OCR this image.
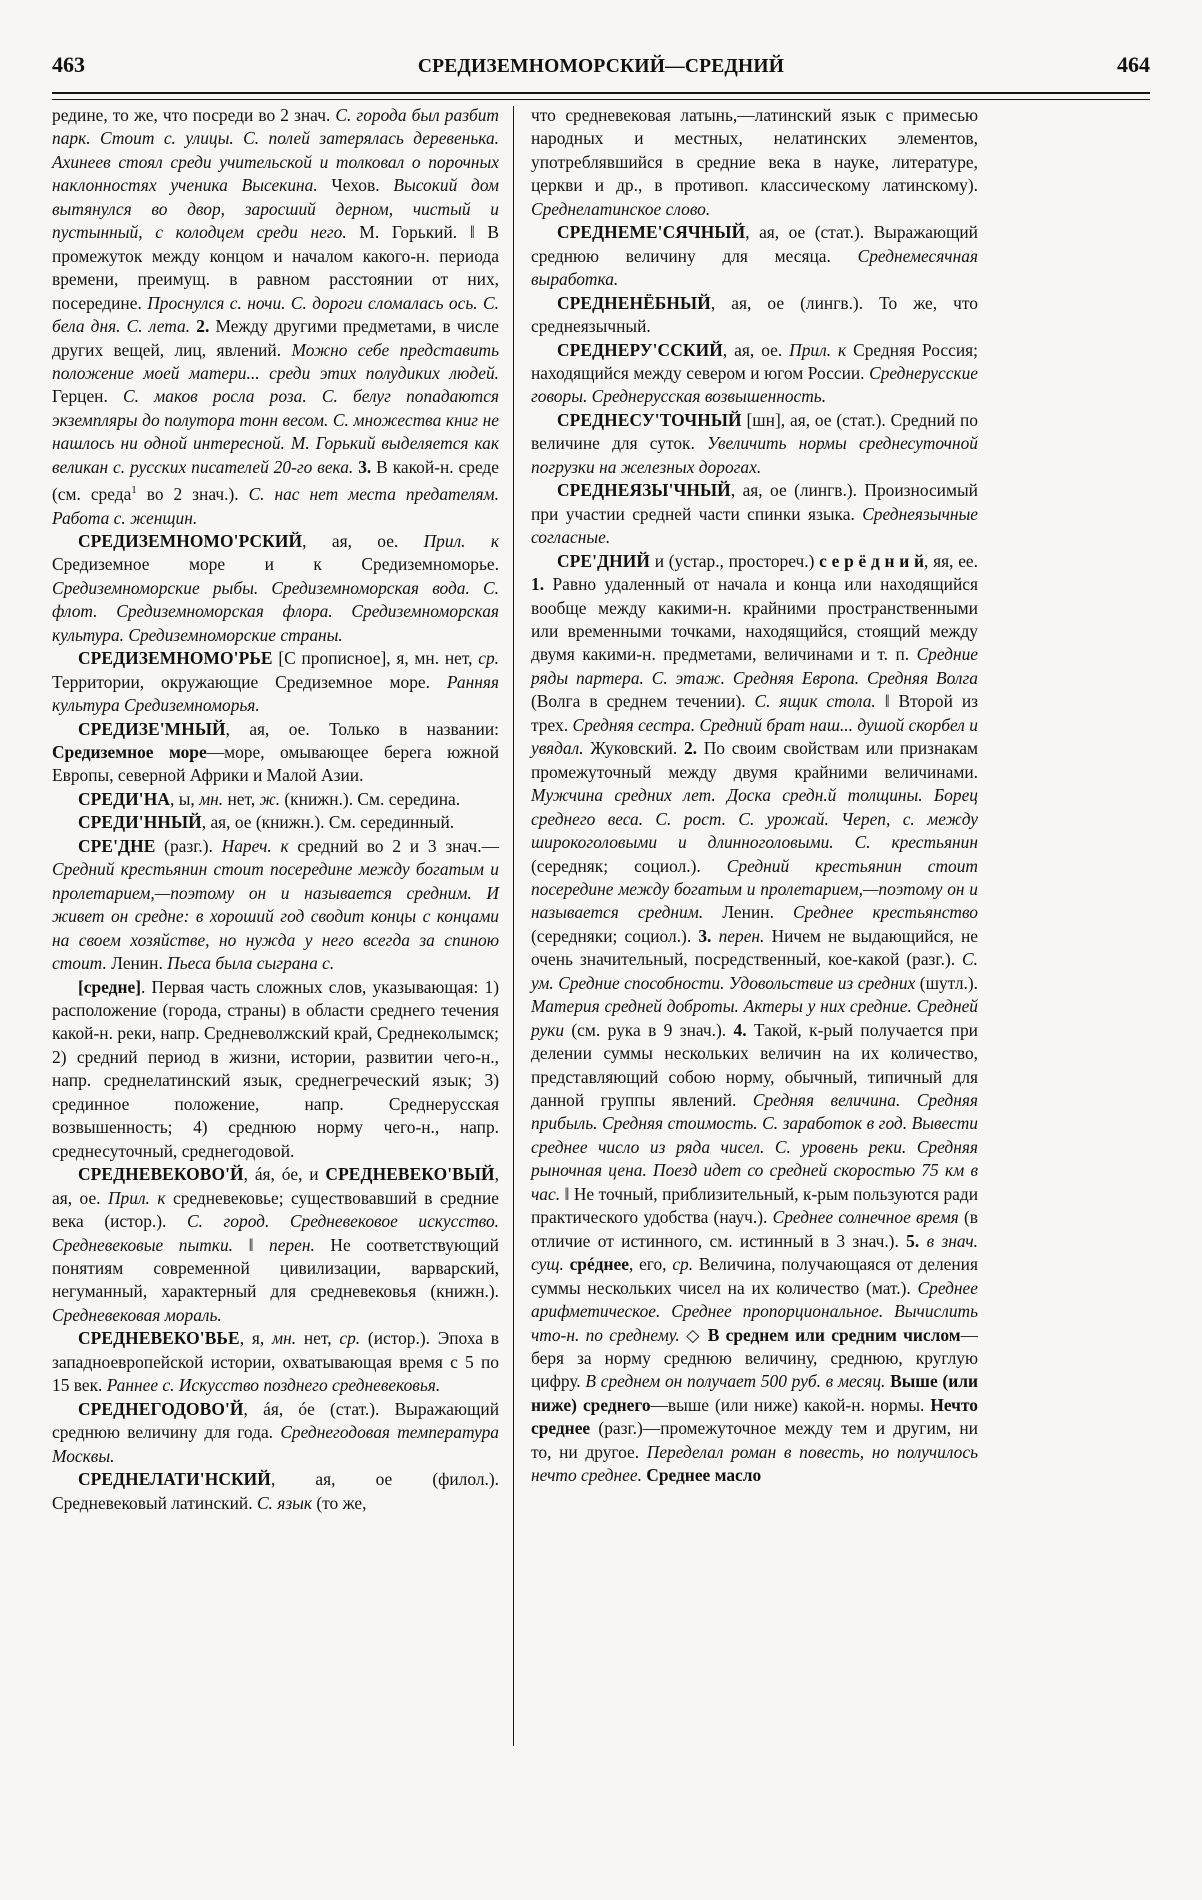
463	СРЕДИЗЕМНОМОРСКИЙ—СРЕДНИЙ	464

редине, то же, что посреди во 2 знач. С. города был разбит парк. Стоит с. улицы. С. полей затерялась деревенька. Ахинеев стоял среди учительской и толковал о порочных наклонностях ученика Высекина. Чехов. Высокий дом вытянулся во двор, заросший дерном, чистый и пустынный, с колодцем среди него. М. Горький. ǁ В промежуток между концом и началом какого-н. периода времени, преимущ. в равном расстоянии от них, посередине. Проснулся с. ночи. С. дороги сломалась ось. С. бела дня. С. лета. 2. Между другими предметами, в числе других вещей, лиц, явлений. Можно себе представить положение моей матери... среди этих полудиких людей. Герцен. С. маков росла роза. С. белуг попадаются экземпляры до полутора тонн весом. С. множества книг не нашлось ни одной интересной. М. Горький выделяется как великан с. русских писателей 20-го века. 3. В какой-н. среде (см. среда$^1$ во 2 знач.). С. нас нет места предателям. Работа с. женщин.

СРЕДИЗЕМНОМО'РСКИЙ, ая, ое. Прил. к Средиземное море и к Средиземноморье. Средиземноморские рыбы. Средиземноморская вода. С. флот. Средиземноморская флора. Средиземноморская культура. Средиземноморские страны.

СРЕДИЗЕМНОМО'РЬЕ [С прописное], я, мн. нет, ср. Территории, окружающие Средиземное море. Ранняя культура Средиземноморья.

СРЕДИЗЕ'МНЫЙ, ая, ое. Только в названии: Средиземное море—море, омывающее берега южной Европы, северной Африки и Малой Азии.

СРЕДИ'НА, ы, мн. нет, ж. (книжн.). См. середина.

СРЕДИ'ННЫЙ, ая, ое (книжн.). См. серединный.

СРЕ'ДНЕ (разг.). Нареч. к средний во 2 и 3 знач.—Средний крестьянин стоит посередине между богатым и пролетарием,—поэтому он и называется средним. И живет он средне: в хороший год сводит концы с концами на своем хозяйстве, но нужда у него всегда за спиною стоит. Ленин. Пьеса была сыграна с.

[средне]. Первая часть сложных слов, указывающая: 1) расположение (города, страны) в области среднего течения какой-н. реки, напр. Средневолжский край, Среднеколымск; 2) средний период в жизни, истории, развитии чего-н., напр. среднелатинский язык, среднегреческий язык; 3) срединное положение, напр. Среднерусская возвышенность; 4) среднюю норму чего-н., напр. среднесуточный, среднегодовой.

СРЕДНЕВЕКОВО'Й, áя, óе, и СРЕДНЕВЕКО'ВЫЙ, ая, ое. Прил. к средневековье; существовавший в средние века (истор.). С. город. Средневековое искусство. Средневековые пытки. ǁ перен. Не соответствующий понятиям современной цивилизации, варварский, негуманный, характерный для средневековья (книжн.). Средневековая мораль.

СРЕДНЕВЕКО'ВЬЕ, я, мн. нет, ср. (истор.). Эпоха в западноевропейской истории, охватывающая время с 5 по 15 век. Раннее с. Искусство позднего средневековья.

СРЕДНЕГОДОВО'Й, áя, óе (стат.). Выражающий среднюю величину для года. Среднегодовая температура Москвы.

СРЕДНЕЛАТИ'НСКИЙ, ая, ое (филол.). Средневековый латинский. С. язык (то же,

что средневековая латынь,—латинский язык с примесью народных и местных, нелатинских элементов, употреблявшийся в средние века в науке, литературе, церкви и др., в противоп. классическому латинскому). Среднелатинское слово.

СРЕДНЕМЕ'СЯЧНЫЙ, ая, ое (стат.). Выражающий среднюю величину для месяца. Среднемесячная выработка.

СРЕДНЕНЁБНЫЙ, ая, ое (лингв.). То же, что среднеязычный.

СРЕДНЕРУ'ССКИЙ, ая, ое. Прил. к Средняя Россия; находящийся между севером и югом России. Среднерусские говоры. Среднерусская возвышенность.

СРЕДНЕСУ'ТОЧНЫЙ [шн], ая, ое (стат.). Средний по величине для суток. Увеличить нормы среднесуточной погрузки на железных дорогах.

СРЕДНЕЯЗЫ'ЧНЫЙ, ая, ое (лингв.). Произносимый при участии средней части спинки языка. Среднеязычные согласные.

СРЕ'ДНИЙ и (устар., простореч.) с е р ё д н и й, яя, ее. 1. Равно удаленный от начала и конца или находящийся вообще между какими-н. крайними пространственными или временными точками, находящийся, стоящий между двумя какими-н. предметами, величинами и т. п. Средние ряды партера. С. этаж. Средняя Европа. Средняя Волга (Волга в среднем течении). С. ящик стола. ǁ Второй из трех. Средняя сестра. Средний брат наш... душой скорбел и увядал. Жуковский. 2. По своим свойствам или признакам промежуточный между двумя крайними величинами. Мужчина средних лет. Доска средн.й толщины. Борец среднего веса. С. рост. С. урожай. Череп, с. между широкоголовыми и длинноголовыми. С. крестьянин (середняк; социол.). Средний крестьянин стоит посередине между богатым и пролетарием,—поэтому он и называется средним. Ленин. Среднее крестьянство (середняки; социол.). 3. перен. Ничем не выдающийся, не очень значительный, посредственный, кое-какой (разг.). С. ум. Средние способности. Удовольствие из средних (шутл.). Материя средней доброты. Актеры у них средние. Средней руки (см. рука в 9 знач.). 4. Такой, к-рый получается при делении суммы нескольких величин на их количество, представляющий собою норму, обычный, типичный для данной группы явлений. Средняя величина. Средняя прибыль. Средняя стоимость. С. заработок в год. Вывести среднее число из ряда чисел. С. уровень реки. Средняя рыночная цена. Поезд идет со средней скоростью 75 км в час. ǁ Не точный, приблизительный, к-рым пользуются ради практического удобства (науч.). Среднее солнечное время (в отличие от истинного, см. истинный в 3 знач.). 5. в знач. сущ. срéднее, его, ср. Величина, получающаяся от деления суммы нескольких чисел на их количество (мат.). Среднее арифметическое. Среднее пропорциональное. Вычислить что-н. по среднему. ◇ В среднем или средним числом—беря за норму среднюю величину, среднюю, круглую цифру. В среднем он получает 500 руб. в месяц. Выше (или ниже) среднего—выше (или ниже) какой-н. нормы. Нечто среднее (разг.)—промежуточное между тем и другим, ни то, ни другое. Переделал роман в повесть, но получилось нечто среднее. Среднее масло
